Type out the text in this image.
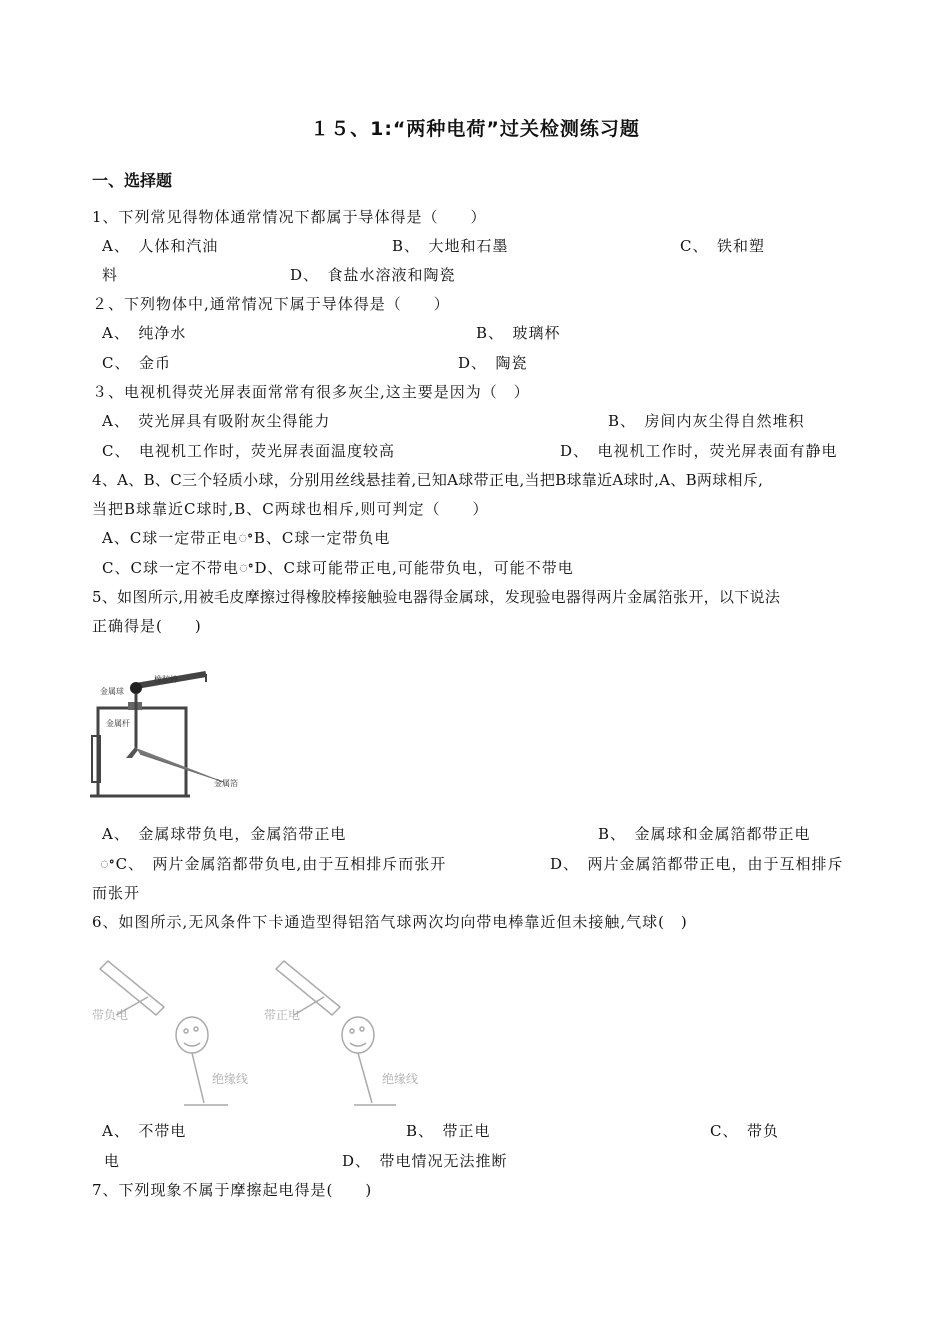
１５、1:“两种电荷”过关检测练习题
一、选择题
1、下列常见得物体通常情况下都属于导体得是（　　）
A、　人体和汽油	B、　大地和石墨	C、　铁和塑
料	D、　食盐水溶液和陶瓷
２、下列物体中,通常情况下属于导体得是（　　）
A、　纯净水	B、　玻璃杯
C、　金币	D、　陶瓷
３、电视机得荧光屏表面常常有很多灰尘,这主要是因为（　）
A、　荧光屏具有吸附灰尘得能力	B、　房间内灰尘得自然堆积
C、　电视机工作时，荧光屏表面温度较高	D、　电视机工作时，荧光屏表面有静电
4、A、B、C三个轻质小球，分别用丝线悬挂着,已知A球带正电,当把B球靠近A球时,A、B两球相斥,
当把B球靠近C球时,B、C两球也相斥,则可判定（　　）
A、C球一定带正电ꢀB、C球一定带负电
C、C球一定不带电ꢀD、C球可能带正电,可能带负电，可能不带电
5、如图所示,用被毛皮摩擦过得橡胶棒接触验电器得金属球，发现验电器得两片金属箔张开，以下说法
正确得是(　　)
金属球
橡胶棒
金属杆
金属箔
A、　金属球带负电，金属箔带正电	B、　金属球和金属箔都带正电
ꢀC、　两片金属箔都带负电,由于互相排斥而张开	D、　两片金属箔都带正电，由于互相排斥
而张开
6、如图所示,无风条件下卡通造型得铝箔气球两次均向带电棒靠近但未接触,气球(　)
带负电	带正电
绝缘线	绝缘线
A、　不带电	B、　带正电	C、　带负
电	D、　带电情况无法推断
7、下列现象不属于摩擦起电得是(　　)
